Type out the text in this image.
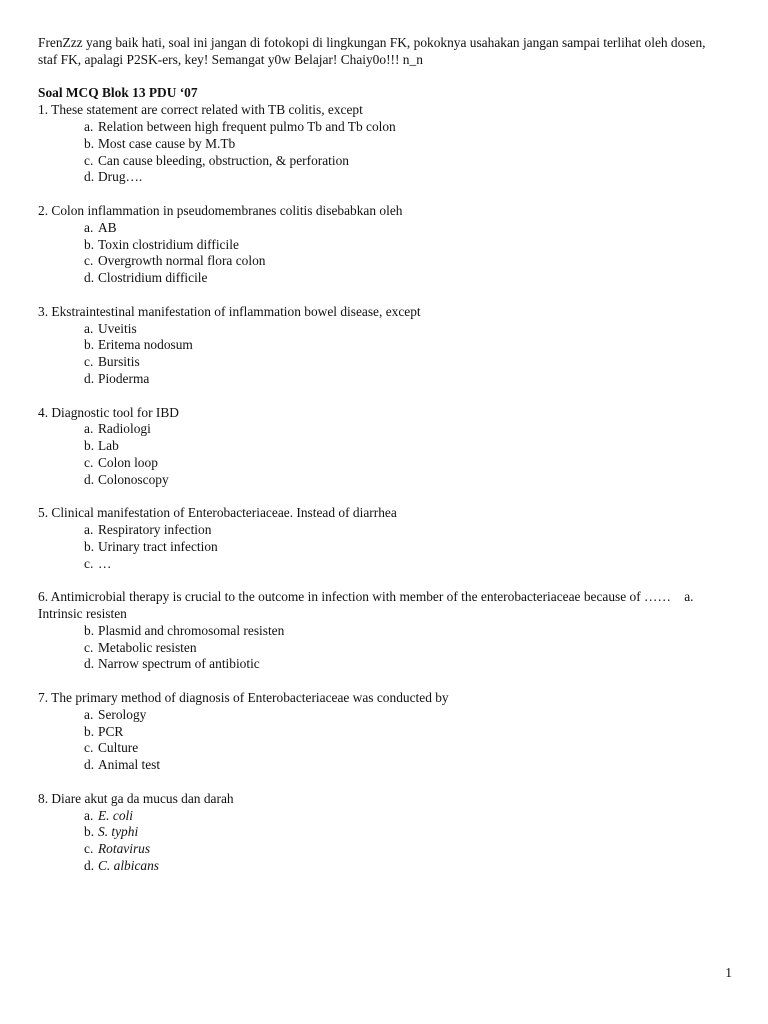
FrenZzz yang baik hati, soal ini jangan di fotokopi di lingkungan FK, pokoknya usahakan jangan sampai terlihat oleh dosen, staf FK, apalagi P2SK-ers, key! Semangat y0w Belajar! Chaiy0o!!! n_n

Soal MCQ Blok 13 PDU ‘07
1. These statement are correct related with TB colitis, except
a. Relation between high frequent pulmo Tb and Tb colon
b. Most case cause by M.Tb
c. Can cause bleeding, obstruction, & perforation
d. Drug….
2. Colon inflammation in pseudomembranes colitis disebabkan oleh
a. AB
b. Toxin clostridium difficile
c. Overgrowth normal flora colon
d. Clostridium difficile
3. Ekstraintestinal manifestation of inflammation bowel disease, except
a. Uveitis
b. Eritema nodosum
c. Bursitis
d. Pioderma
4. Diagnostic tool for IBD
a. Radiologi
b. Lab
c. Colon loop
d. Colonoscopy
5. Clinical manifestation of Enterobacteriaceae. Instead of diarrhea
a. Respiratory infection
b. Urinary tract infection
c. …
6. Antimicrobial therapy is crucial to the outcome in infection with member of the enterobacteriaceae because of …… a. Intrinsic resisten
b. Plasmid and chromosomal resisten
c. Metabolic resisten
d. Narrow spectrum of antibiotic
7. The primary method of diagnosis of Enterobacteriaceae was conducted by
a. Serology
b. PCR
c. Culture
d. Animal test
8. Diare akut ga da mucus dan darah
a. E. coli
b. S. typhi
c. Rotavirus
d. C. albicans
1
